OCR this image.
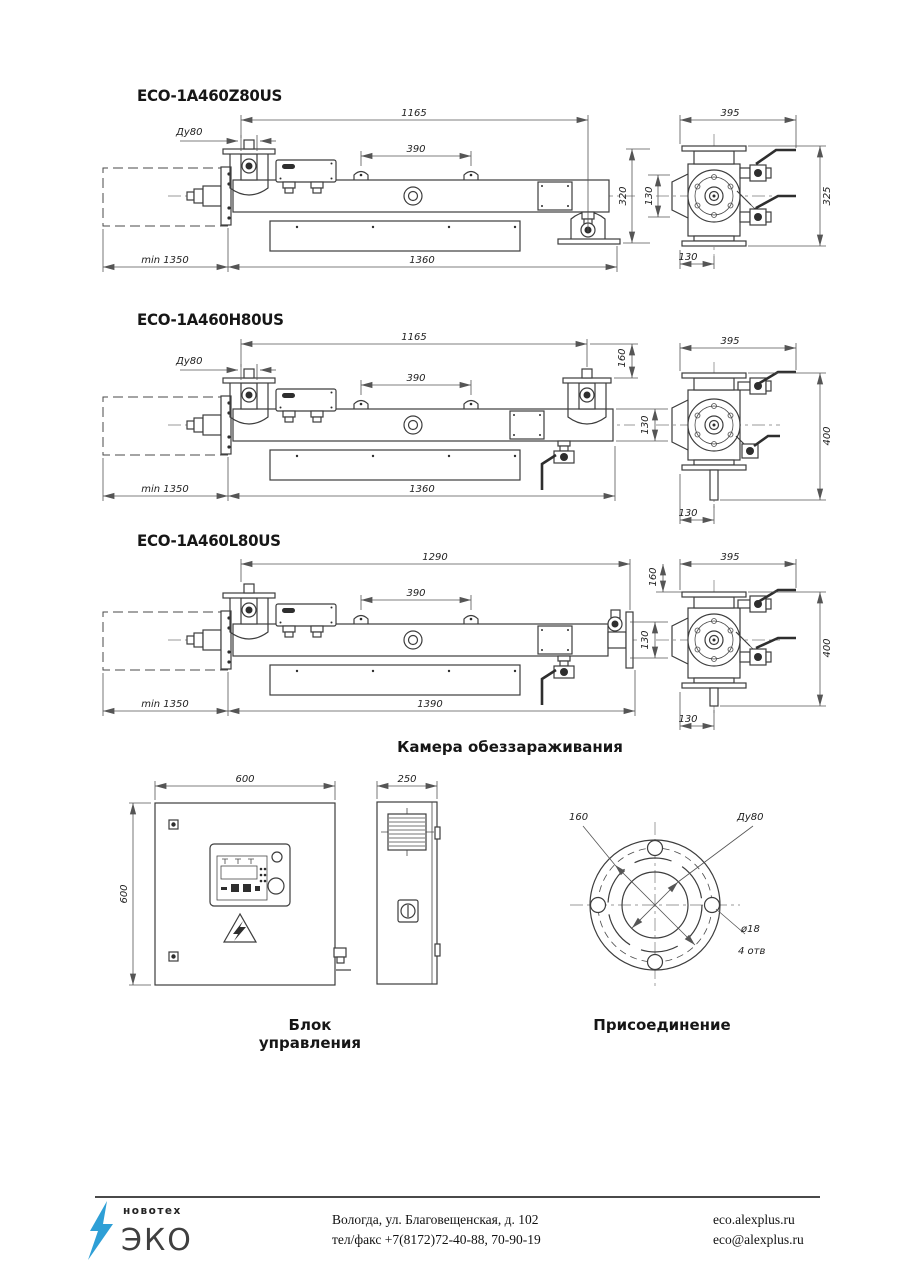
ECO-1A460Z80US
1165
Ду80
390
min 1350	1360
320 130
395
325
130
ECO-1A460H80US
1165
Ду80
390
min 1350	1360
160
130
395
400
130
ECO-1A460L80US
1290
390
min 1350	1390
160
130
395
400
130
Камера обеззараживания
600	250
600
160	Ду80
ø18
4 отв
Блок управления
Присоединение
новотех
ЭКО
Вологда, ул. Благовещенская, д. 102
тел/факс +7(8172)72-40-88, 70-90-19
eco.alexplus.ru
eco@alexplus.ru
